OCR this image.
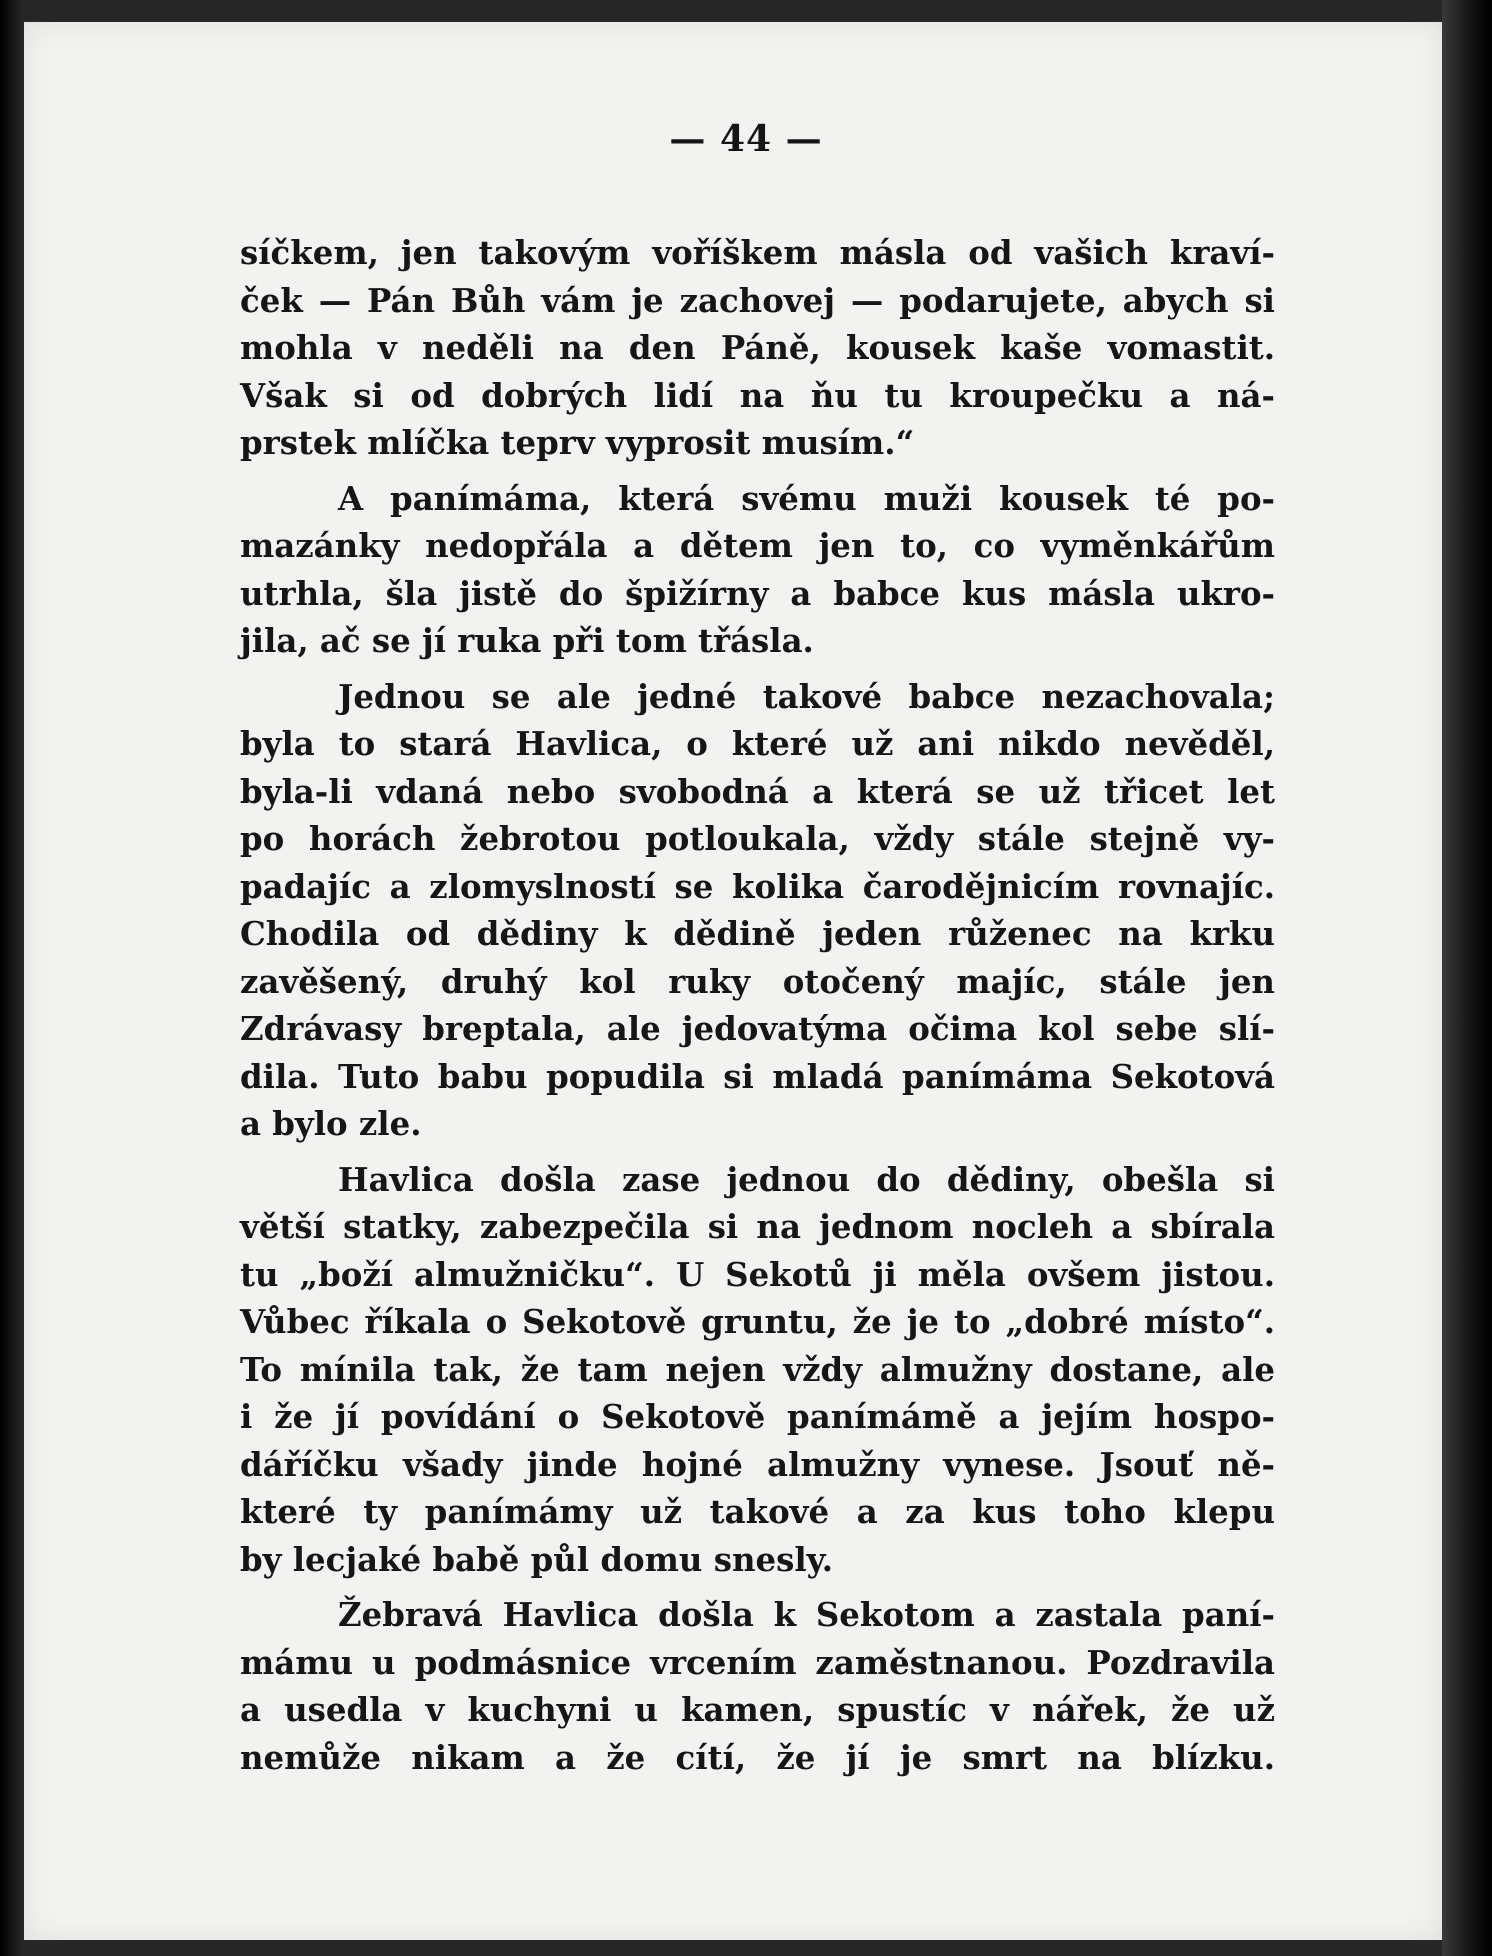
— 44 —
síčkem, jen takovým voříškem másla od vašich kraví-
ček — Pán Bůh vám je zachovej — podarujete, abych si
mohla v neděli na den Páně, kousek kaše vomastit.
Však si od dobrých lidí na ňu tu kroupečku a ná-
prstek mlíčka teprv vyprosit musím.“
A panímáma, která svému muži kousek té po-
mazánky nedopřála a dětem jen to, co vyměnkářům
utrhla, šla jistě do špižírny a babce kus másla ukro-
jila, ač se jí ruka při tom třásla.
Jednou se ale jedné takové babce nezachovala;
byla to stará Havlica, o které už ani nikdo nevěděl,
byla-li vdaná nebo svobodná a která se už třicet let
po horách žebrotou potloukala, vždy stále stejně vy-
padajíc a zlomyslností se kolika čarodějnicím rovnajíc.
Chodila od dědiny k dědině jeden růženec na krku
zavěšený, druhý kol ruky otočený majíc, stále jen
Zdrávasy breptala, ale jedovatýma očima kol sebe slí-
dila. Tuto babu popudila si mladá panímáma Sekotová
a bylo zle.
Havlica došla zase jednou do dědiny, obešla si
větší statky, zabezpečila si na jednom nocleh a sbírala
tu „boží almužničku“. U Sekotů ji měla ovšem jistou.
Vůbec říkala o Sekotově gruntu, že je to „dobré místo“.
To mínila tak, že tam nejen vždy almužny dostane, ale
i že jí povídání o Sekotově panímámě a jejím hospo-
dáříčku všady jinde hojné almužny vynese. Jsouť ně-
které ty panímámy už takové a za kus toho klepu
by lecjaké babě půl domu snesly.
Žebravá Havlica došla k Sekotom a zastala paní-
mámu u podmásnice vrcením zaměstnanou. Pozdravila
a usedla v kuchyni u kamen, spustíc v nářek, že už
nemůže nikam a že cítí, že jí je smrt na blízku.
